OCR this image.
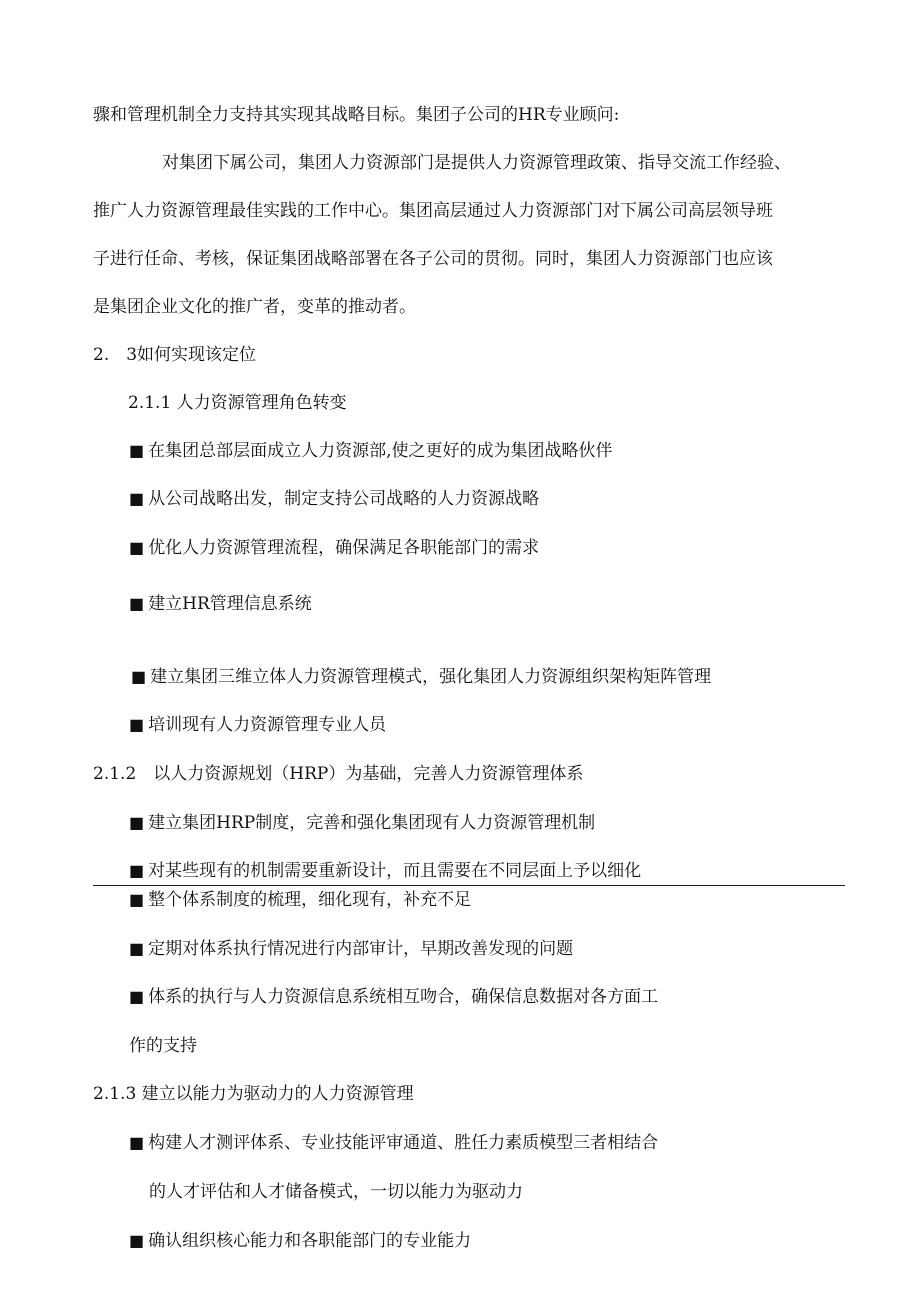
骤和管理机制全力支持其实现其战略目标。集团子公司的HR专业顾问:
对集团下属公司，集团人力资源部门是提供人力资源管理政策、指导交流工作经验、
推广人力资源管理最佳实践的工作中心。集团高层通过人力资源部门对下属公司高层领导班
子进行任命、考核，保证集团战略部署在各子公司的贯彻。同时，集团人力资源部门也应该
是集团企业文化的推广者，变革的推动者。
2.　3如何实现该定位
2.1.1 人力资源管理角色转变
■ 在集团总部层面成立人力资源部,使之更好的成为集团战略伙伴
■ 从公司战略出发，制定支持公司战略的人力资源战略
■ 优化人力资源管理流程，确保满足各职能部门的需求
■ 建立HR管理信息系统
■ 建立集团三维立体人力资源管理模式，强化集团人力资源组织架构矩阵管理
■ 培训现有人力资源管理专业人员
2.1.2　以人力资源规划（HRP）为基础，完善人力资源管理体系
■ 建立集团HRP制度，完善和强化集团现有人力资源管理机制
■ 对某些现有的机制需要重新设计，而且需要在不同层面上予以细化
■ 整个体系制度的梳理，细化现有，补充不足
■ 定期对体系执行情况进行内部审计，早期改善发现的问题
■ 体系的执行与人力资源信息系统相互吻合，确保信息数据对各方面工
作的支持
2.1.3 建立以能力为驱动力的人力资源管理
■ 构建人才测评体系、专业技能评审通道、胜任力素质模型三者相结合
的人才评估和人才储备模式，一切以能力为驱动力
■ 确认组织核心能力和各职能部门的专业能力
